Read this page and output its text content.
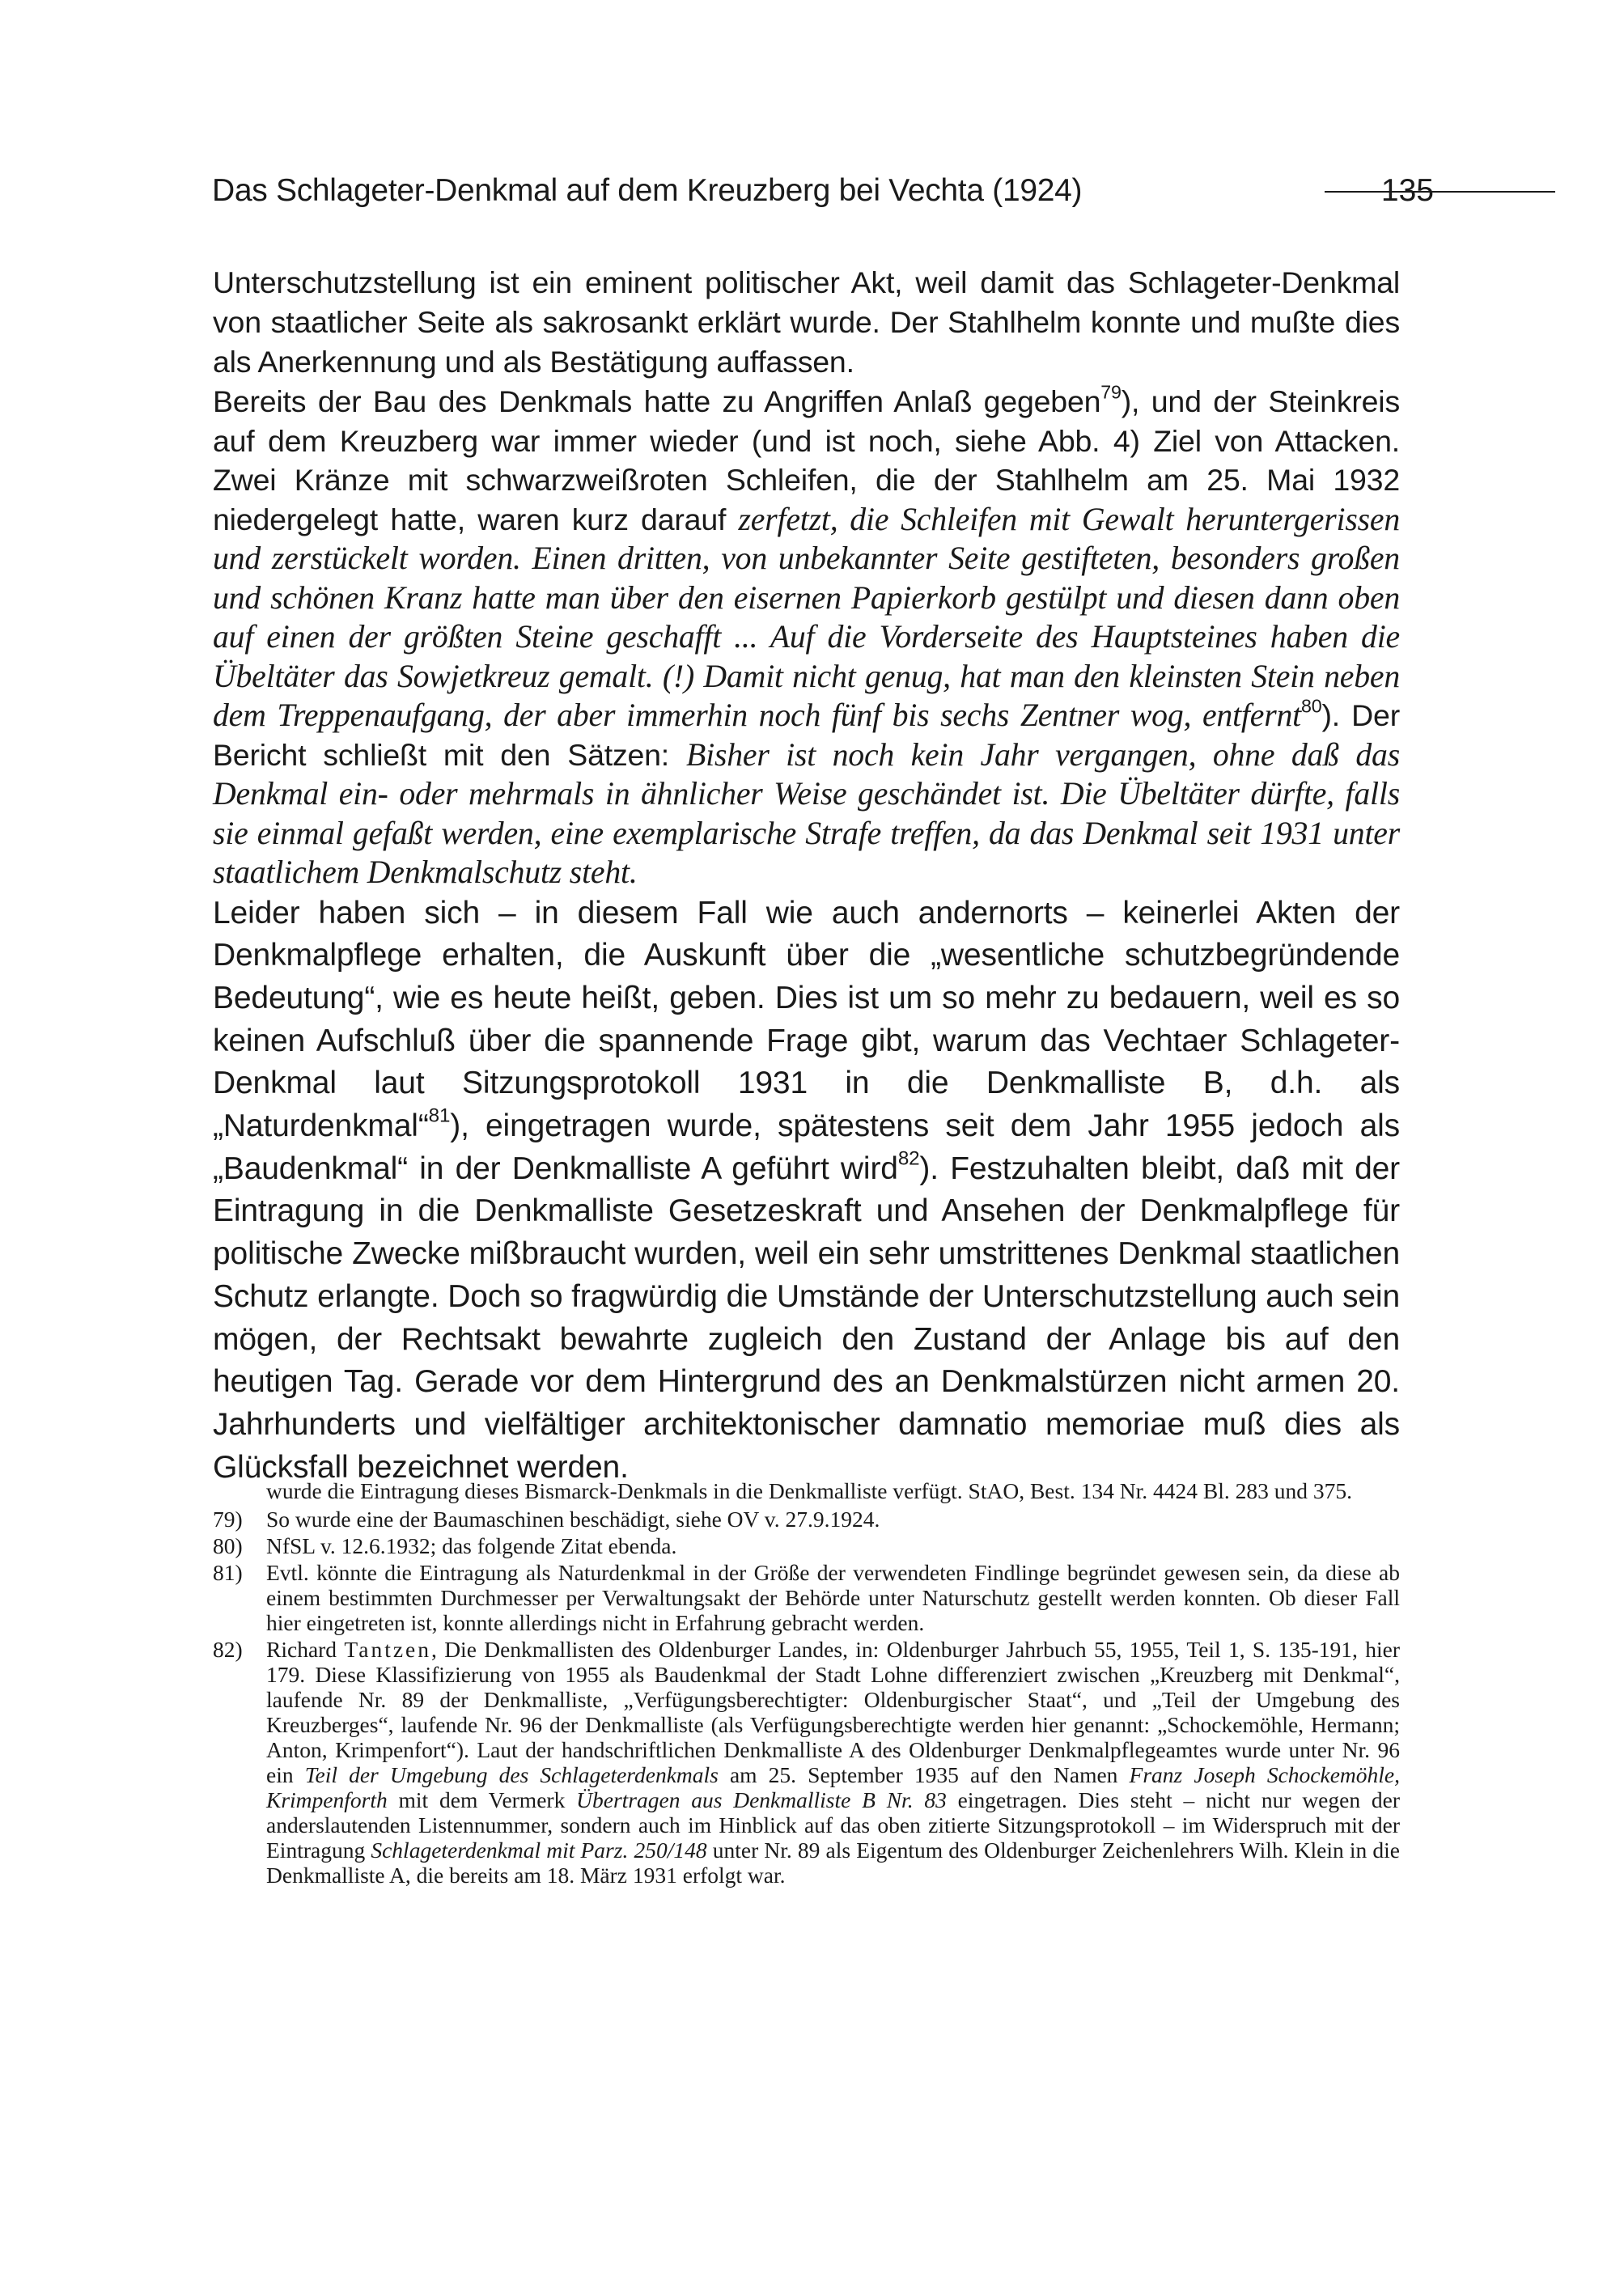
Das Schlageter-Denkmal auf dem Kreuzberg bei Vechta (1924)	135

Unterschutzstellung ist ein eminent politischer Akt, weil damit das Schlageter-Denkmal von staatlicher Seite als sakrosankt erklärt wurde. Der Stahlhelm konnte und mußte dies als Anerkennung und als Bestätigung auffassen.

Bereits der Bau des Denkmals hatte zu Angriffen Anlaß gegeben$^{79}$), und der Steinkreis auf dem Kreuzberg war immer wieder (und ist noch, siehe Abb. 4) Ziel von Attacken. Zwei Kränze mit schwarzweißroten Schleifen, die der Stahlhelm am 25. Mai 1932 niedergelegt hatte, waren kurz darauf zerfetzt, die Schleifen mit Gewalt heruntergerissen und zerstückelt worden. Einen dritten, von unbekannter Seite gestifteten, besonders großen und schönen Kranz hatte man über den eisernen Papierkorb gestülpt und diesen dann oben auf einen der größten Steine geschafft ... Auf die Vorderseite des Hauptsteines haben die Übeltäter das Sowjetkreuz gemalt. (!) Damit nicht genug, hat man den kleinsten Stein neben dem Treppenaufgang, der aber immerhin noch fünf bis sechs Zentner wog, entfernt$^{80}$). Der Bericht schließt mit den Sätzen: Bisher ist noch kein Jahr vergangen, ohne daß das Denkmal ein- oder mehrmals in ähnlicher Weise geschändet ist. Die Übeltäter dürfte, falls sie einmal gefaßt werden, eine exemplarische Strafe treffen, da das Denkmal seit 1931 unter staatlichem Denkmalschutz steht.

Leider haben sich – in diesem Fall wie auch andernorts – keinerlei Akten der Denkmalpflege erhalten, die Auskunft über die „wesentliche schutzbegründende Bedeutung“, wie es heute heißt, geben. Dies ist um so mehr zu bedauern, weil es so keinen Aufschluß über die spannende Frage gibt, warum das Vechtaer Schlageter-Denkmal laut Sitzungsprotokoll 1931 in die Denkmalliste B, d.h. als „Naturdenkmal“$^{81}$), eingetragen wurde, spätestens seit dem Jahr 1955 jedoch als „Baudenkmal“ in der Denkmalliste A geführt wird$^{82}$). Festzuhalten bleibt, daß mit der Eintragung in die Denkmalliste Gesetzeskraft und Ansehen der Denkmalpflege für politische Zwecke mißbraucht wurden, weil ein sehr umstrittenes Denkmal staatlichen Schutz erlangte. Doch so fragwürdig die Umstände der Unterschutzstellung auch sein mögen, der Rechtsakt bewahrte zugleich den Zustand der Anlage bis auf den heutigen Tag. Gerade vor dem Hintergrund des an Denkmalstürzen nicht armen 20. Jahrhunderts und vielfältiger architektonischer damnatio memoriae muß dies als Glücksfall bezeichnet werden.

wurde die Eintragung dieses Bismarck-Denkmals in die Denkmalliste verfügt. StAO, Best. 134 Nr. 4424 Bl. 283 und 375.
79)	So wurde eine der Baumaschinen beschädigt, siehe OV v. 27.9.1924.
80)	NfSL v. 12.6.1932; das folgende Zitat ebenda.
81)	Evtl. könnte die Eintragung als Naturdenkmal in der Größe der verwendeten Findlinge begründet gewesen sein, da diese ab einem bestimmten Durchmesser per Verwaltungsakt der Behörde unter Naturschutz gestellt werden konnten. Ob dieser Fall hier eingetreten ist, konnte allerdings nicht in Erfahrung gebracht werden.
82)	Richard Tantzen, Die Denkmallisten des Oldenburger Landes, in: Oldenburger Jahrbuch 55, 1955, Teil 1, S. 135-191, hier 179. Diese Klassifizierung von 1955 als Baudenkmal der Stadt Lohne differenziert zwischen „Kreuzberg mit Denkmal“, laufende Nr. 89 der Denkmalliste, „Verfügungsberechtigter: Oldenburgischer Staat“, und „Teil der Umgebung des Kreuzberges“, laufende Nr. 96 der Denkmalliste (als Verfügungsberechtigte werden hier genannt: „Schockemöhle, Hermann; Anton, Krimpenfort“). Laut der handschriftlichen Denkmalliste A des Oldenburger Denkmalpflegeamtes wurde unter Nr. 96 ein Teil der Umgebung des Schlageterdenkmals am 25. September 1935 auf den Namen Franz Joseph Schockemöhle, Krimpenforth mit dem Vermerk Übertragen aus Denkmalliste B Nr. 83 eingetragen. Dies steht – nicht nur wegen der anderslautenden Listennummer, sondern auch im Hinblick auf das oben zitierte Sitzungsprotokoll – im Widerspruch mit der Eintragung Schlageterdenkmal mit Parz. 250/148 unter Nr. 89 als Eigentum des Oldenburger Zeichenlehrers Wilh. Klein in die Denkmalliste A, die bereits am 18. März 1931 erfolgt war.
